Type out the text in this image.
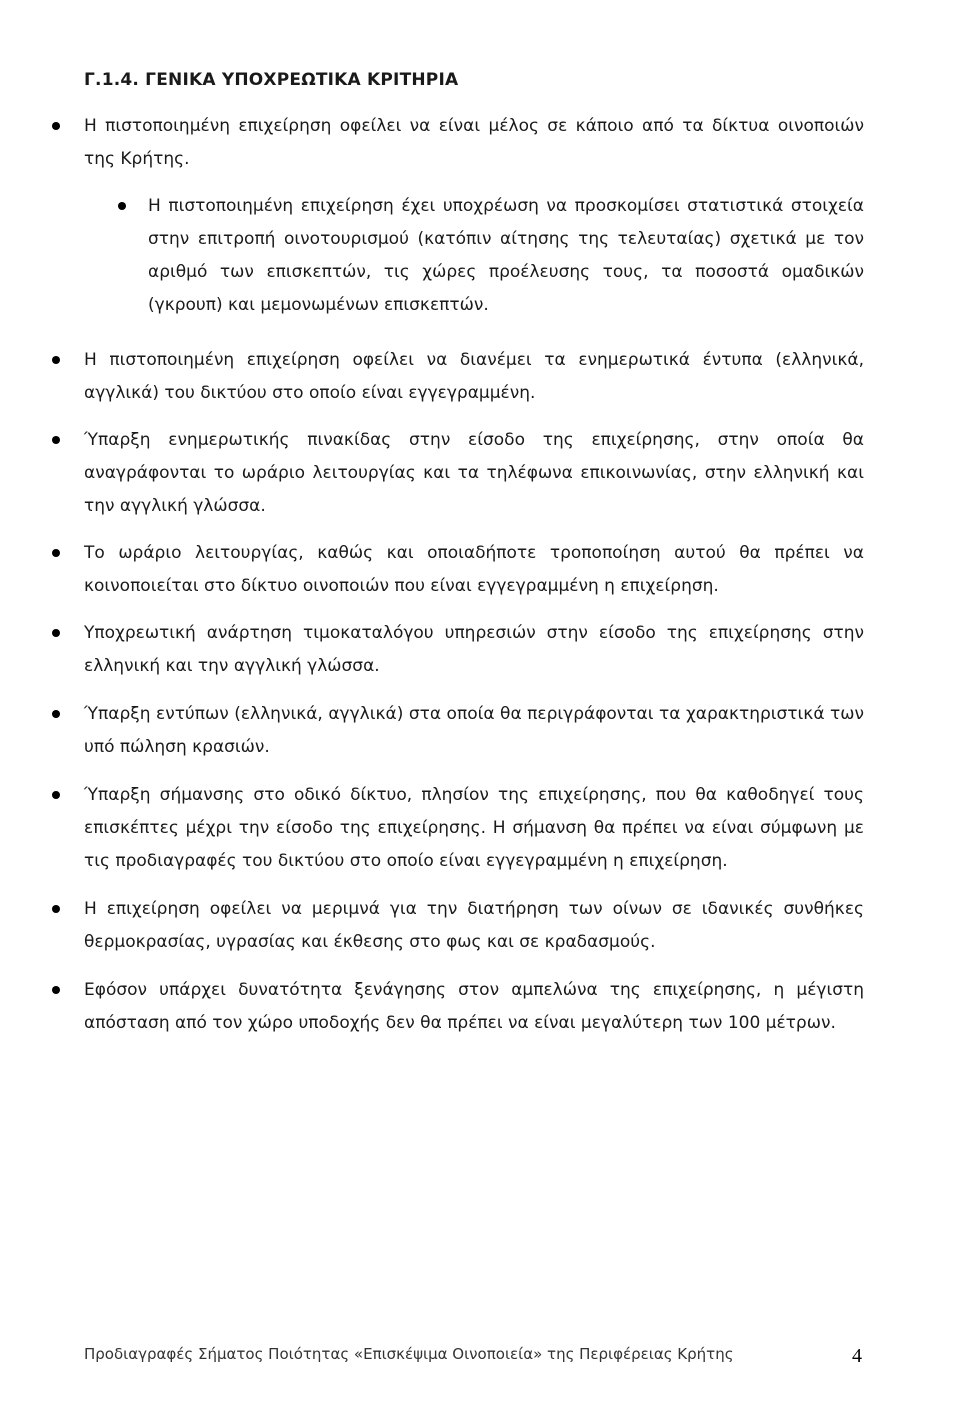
Γ.1.4. ΓΕΝΙΚΑ ΥΠΟΧΡΕΩΤΙΚΑ ΚΡΙΤΗΡΙΑ
Η πιστοποιημένη επιχείρηση οφείλει να είναι μέλος σε κάποιο από τα δίκτυα οινοποιών της Κρήτης.
Η πιστοποιημένη επιχείρηση έχει υποχρέωση να προσκομίσει στατιστικά στοιχεία στην επιτροπή οινοτουρισμού (κατόπιν αίτησης της τελευταίας) σχετικά με τον αριθμό των επισκεπτών, τις χώρες προέλευσης τους, τα ποσοστά ομαδικών (γκρουπ) και μεμονωμένων επισκεπτών.
Η πιστοποιημένη επιχείρηση οφείλει να διανέμει τα ενημερωτικά έντυπα (ελληνικά, αγγλικά) του δικτύου στο οποίο είναι εγγεγραμμένη.
Ύπαρξη ενημερωτικής πινακίδας στην είσοδο της επιχείρησης, στην οποία θα αναγράφονται το ωράριο λειτουργίας και τα τηλέφωνα επικοινωνίας, στην ελληνική και την αγγλική γλώσσα.
Το ωράριο λειτουργίας, καθώς και οποιαδήποτε τροποποίηση αυτού θα πρέπει να κοινοποιείται στο δίκτυο οινοποιών που είναι εγγεγραμμένη η επιχείρηση.
Υποχρεωτική ανάρτηση τιμοκαταλόγου υπηρεσιών στην είσοδο της επιχείρησης στην ελληνική και την αγγλική γλώσσα.
Ύπαρξη εντύπων (ελληνικά, αγγλικά) στα οποία θα περιγράφονται τα χαρακτηριστικά των υπό πώληση κρασιών.
Ύπαρξη σήμανσης στο οδικό δίκτυο, πλησίον της επιχείρησης, που θα καθοδηγεί τους επισκέπτες μέχρι την είσοδο της επιχείρησης. Η σήμανση θα πρέπει να είναι σύμφωνη με τις προδιαγραφές του δικτύου στο οποίο είναι εγγεγραμμένη η επιχείρηση.
Η επιχείρηση οφείλει να μεριμνά για την διατήρηση των οίνων σε ιδανικές συνθήκες θερμοκρασίας, υγρασίας και έκθεσης στο φως και σε κραδασμούς.
Εφόσον υπάρχει δυνατότητα ξενάγησης στον αμπελώνα της επιχείρησης, η μέγιστη απόσταση από τον χώρο υποδοχής δεν θα πρέπει να είναι μεγαλύτερη των 100 μέτρων.

Προδιαγραφές Σήματος Ποιότητας «Επισκέψιμα Οινοποιεία» της Περιφέρειας Κρήτης	4
